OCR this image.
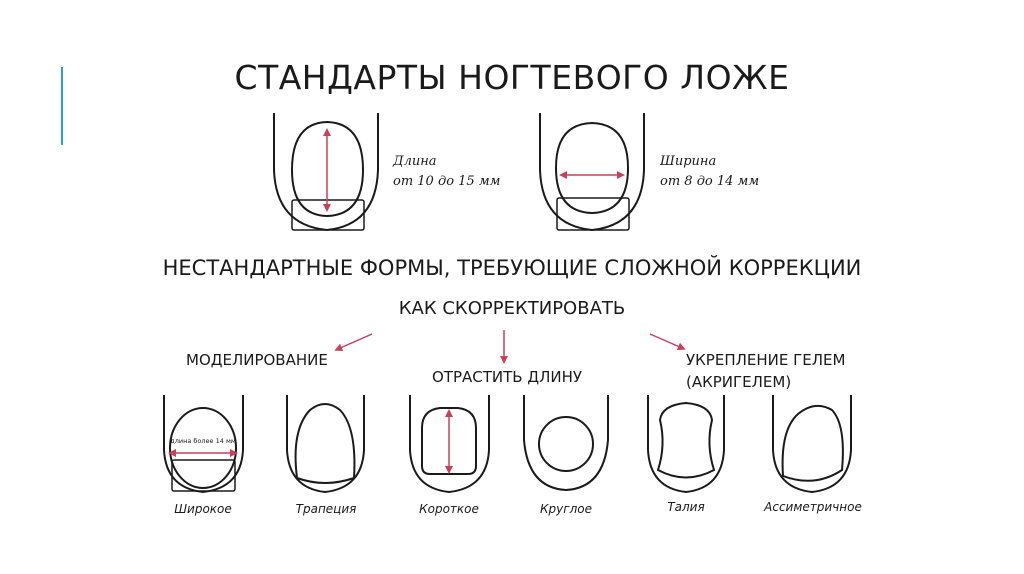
СТАНДАРТЫ НОГТЕВОГО ЛОЖЕ
длина более 14 мм
Длина
от 10 до 15 мм
Ширина
от 8 до 14 мм
НЕСТАНДАРТНЫЕ ФОРМЫ, ТРЕБУЮЩИЕ СЛОЖНОЙ КОРРЕКЦИИ
КАК СКОРРЕКТИРОВАТЬ
МОДЕЛИРОВАНИЕ
ОТРАСТИТЬ ДЛИНУ
УКРЕПЛЕНИЕ ГЕЛЕМ
(АКРИГЕЛЕМ)
Широкое	Трапеция	Короткое	Круглое	Талия	Ассиметричное
